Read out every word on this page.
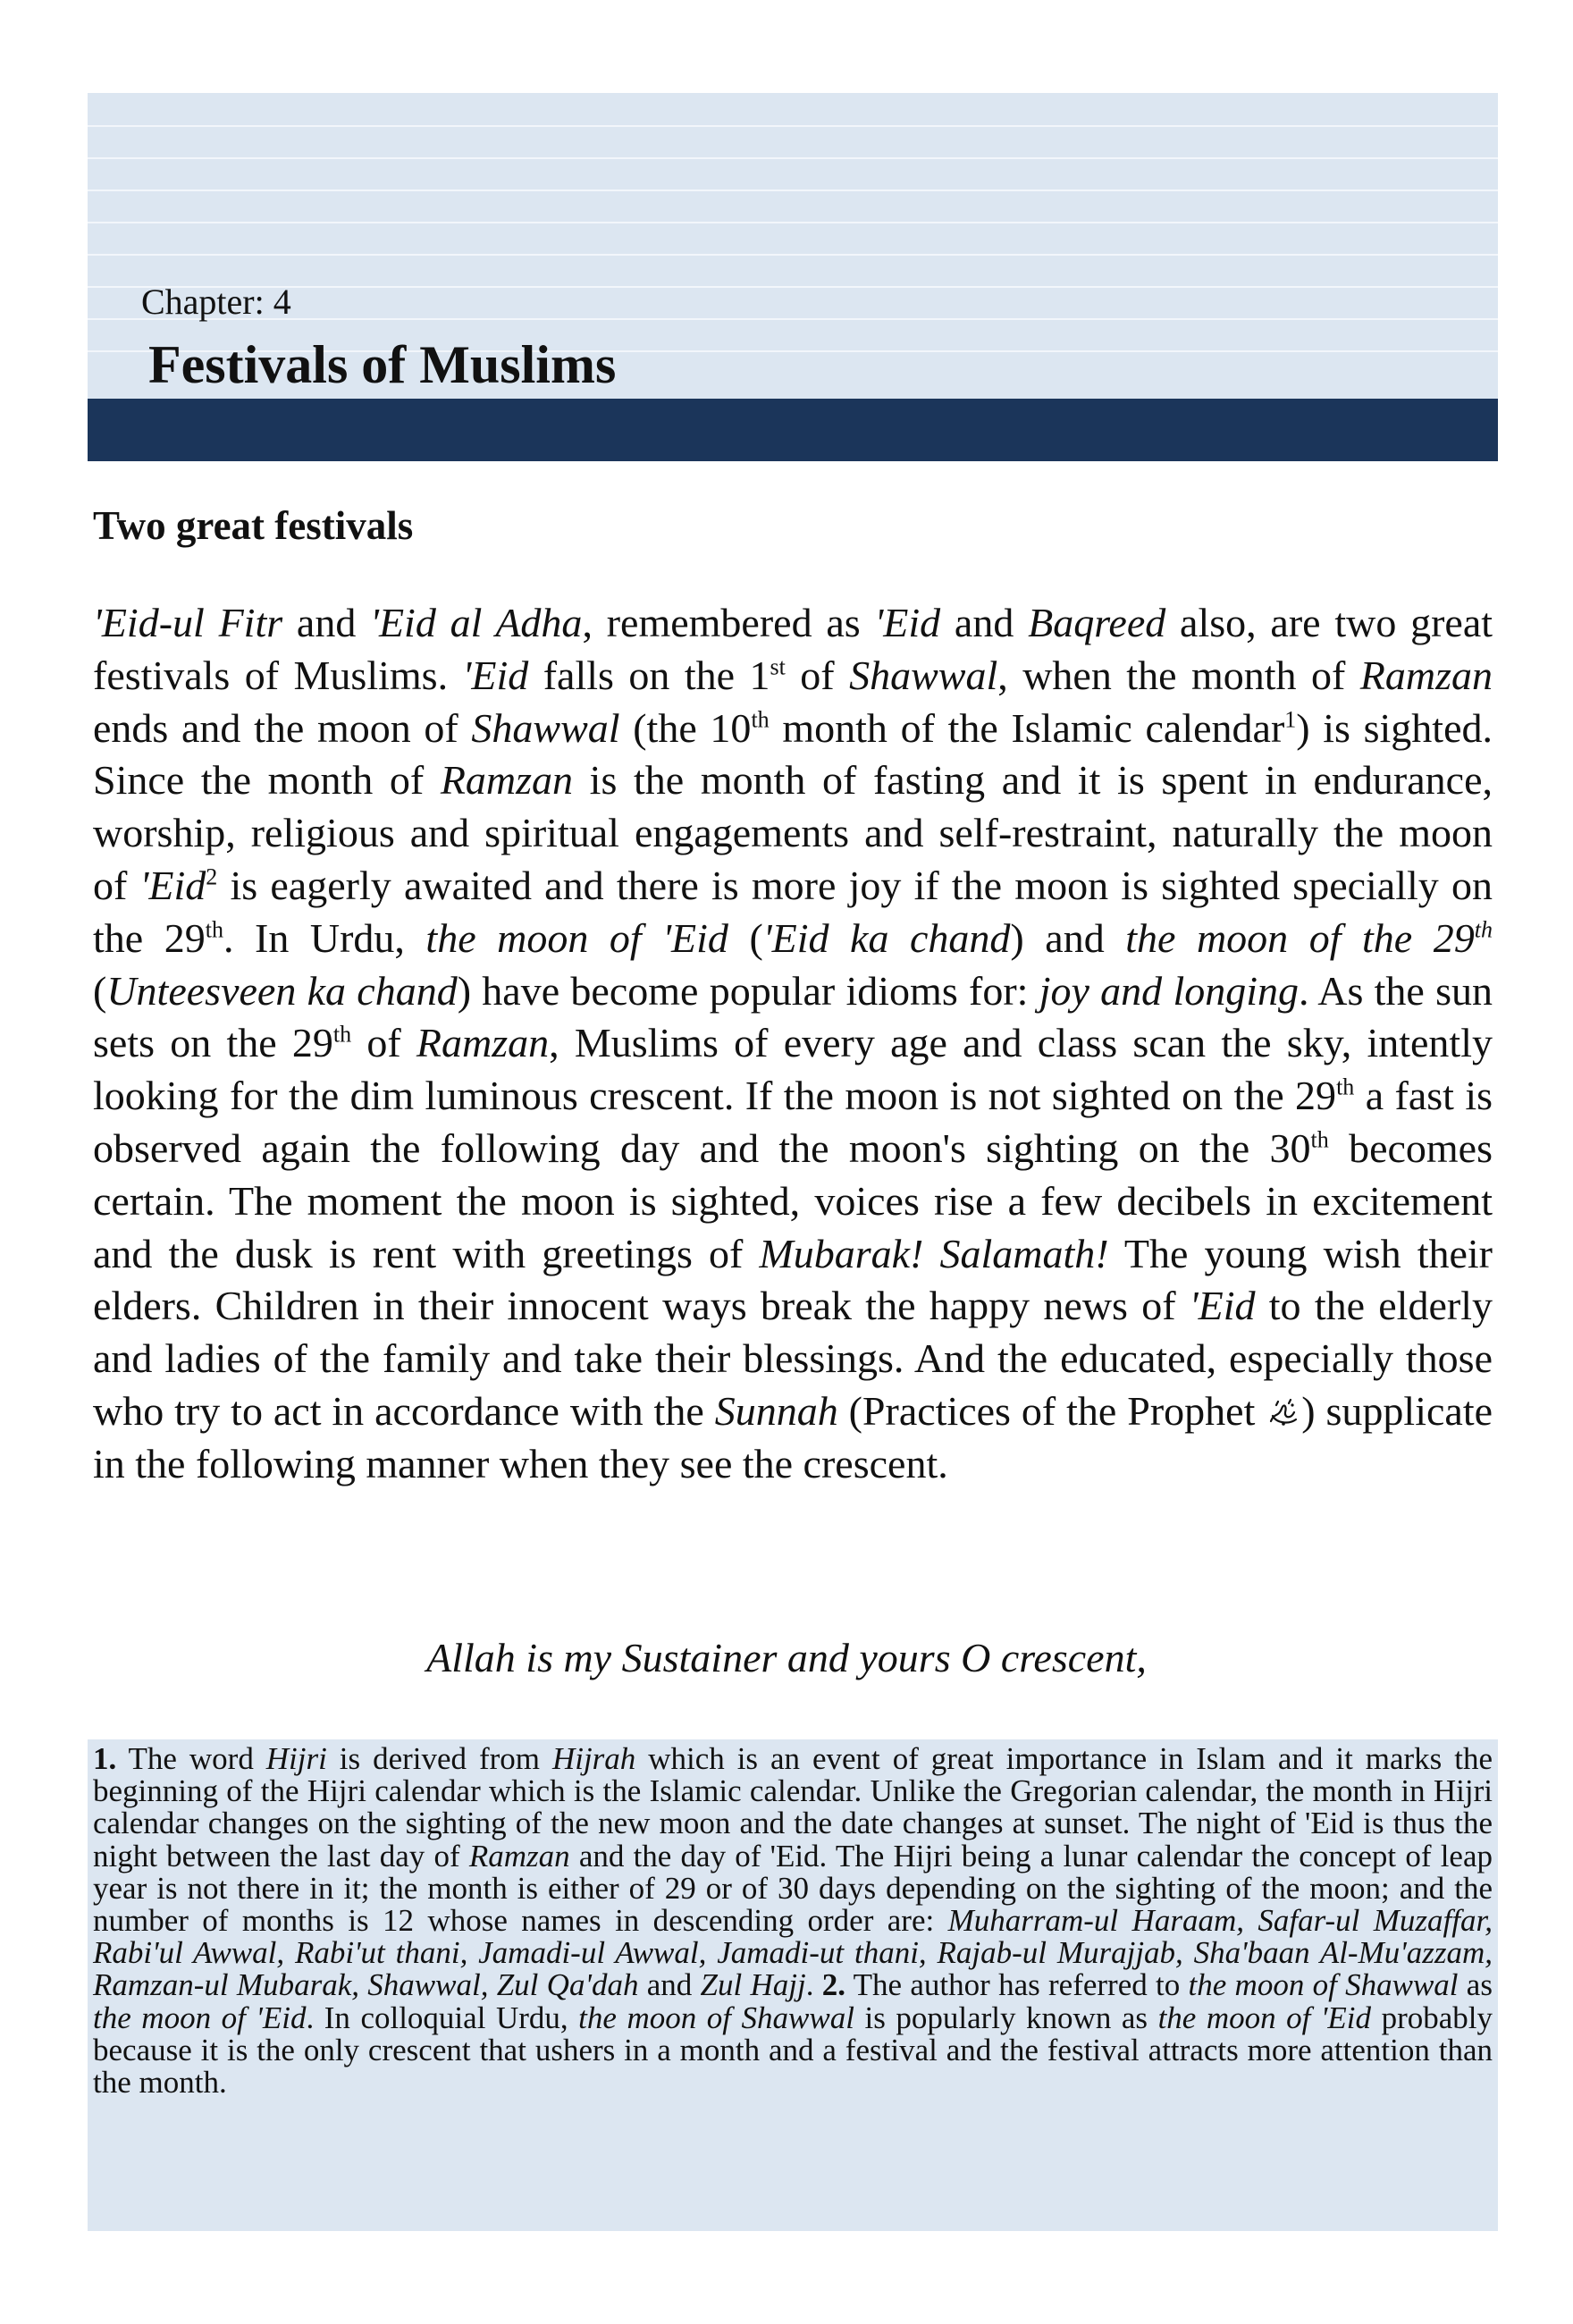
Chapter: 4
Festivals of Muslims
Two great festivals

'Eid-ul Fitr and 'Eid al Adha, remembered as 'Eid and Baqreed also, are two great festivals of Muslims. 'Eid falls on the 1st of Shawwal, when the month of Ramzan ends and the moon of Shawwal (the 10th month of the Islamic calendar$^1$) is sighted. Since the month of Ramzan is the month of fasting and it is spent in endurance, worship, religious and spiritual engagements and self-restraint, naturally the moon of 'Eid$^2$ is eagerly awaited and there is more joy if the moon is sighted specially on the 29th. In Urdu, the moon of 'Eid ('Eid ka chand) and the moon of the 29th (Unteesveen ka chand) have become popular idioms for: joy and longing. As the sun sets on the 29th of Ramzan, Muslims of every age and class scan the sky, intently looking for the dim luminous crescent. If the moon is not sighted on the 29th a fast is observed again the following day and the moon's sighting on the 30th becomes certain. The moment the moon is sighted, voices rise a few decibels in excitement and the dusk is rent with greetings of Mubarak! Salamath! The young wish their elders. Children in their innocent ways break the happy news of 'Eid to the elderly and ladies of the family and take their blessings. And the educated, especially those who try to act in accordance with the Sunnah (Practices of the Prophet ) supplicate in the following manner when they see the crescent.

Allah is my Sustainer and yours O crescent,

1. The word Hijri is derived from Hijrah which is an event of great importance in Islam and it marks the beginning of the Hijri calendar which is the Islamic calendar. Unlike the Gregorian calendar, the month in Hijri calendar changes on the sighting of the new moon and the date changes at sunset. The night of 'Eid is thus the night between the last day of Ramzan and the day of 'Eid. The Hijri being a lunar calendar the concept of leap year is not there in it; the month is either of 29 or of 30 days depending on the sighting of the moon; and the number of months is 12 whose names in descending order are: Muharram-ul Haraam, Safar-ul Muzaffar, Rabi'ul Awwal, Rabi'ut thani, Jamadi-ul Awwal, Jamadi-ut thani, Rajab-ul Murajjab, Sha'baan Al-Mu'azzam, Ramzan-ul Mubarak, Shawwal, Zul Qa'dah and Zul Hajj. 2. The author has referred to the moon of Shawwal as the moon of 'Eid. In colloquial Urdu, the moon of Shawwal is popularly known as the moon of 'Eid probably because it is the only crescent that ushers in a month and a festival and the festival attracts more attention than the month.
